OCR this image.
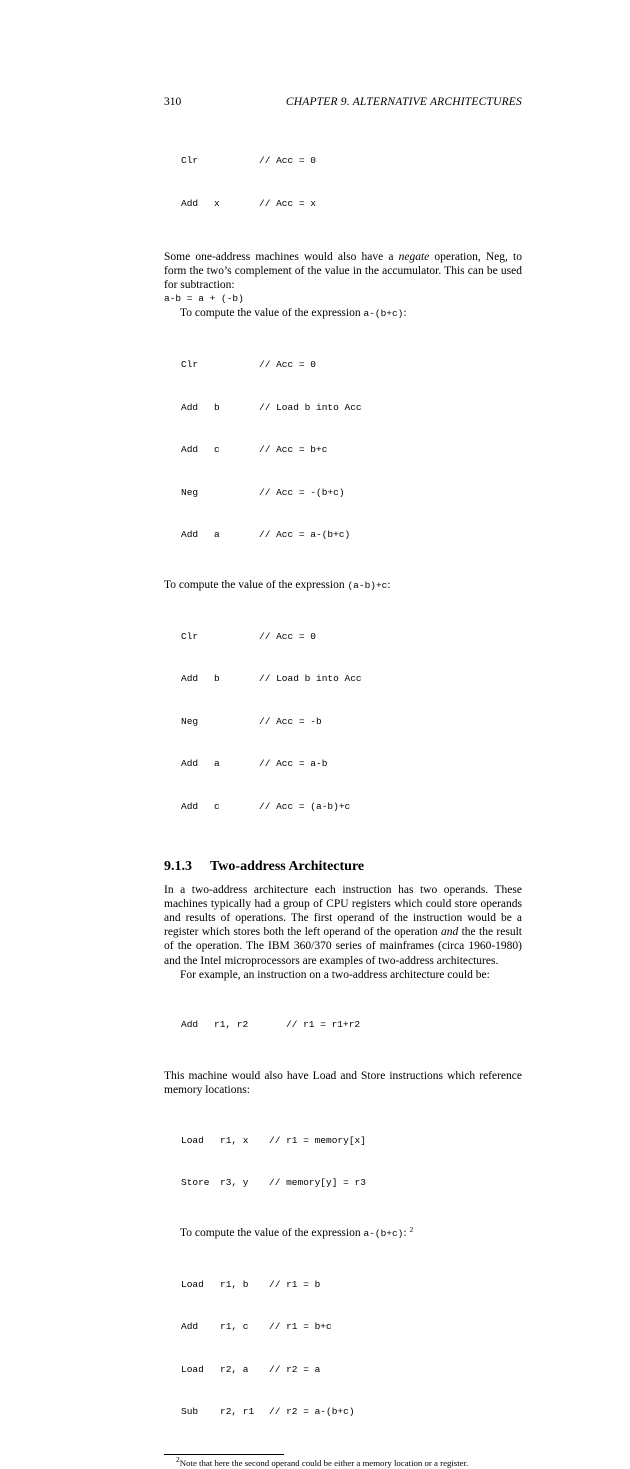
310	CHAPTER 9. ALTERNATIVE ARCHITECTURES

Clr	// Acc = 0

Add x	// Acc = x

Some one-address machines would also have a negate operation, Neg, to form the two’s complement of the value in the accumulator. This can be used for subtraction:
a-b = a + (-b)
To compute the value of the expression a-(b+c):

Clr	// Acc = 0

Add b	// Load b into Acc

Add c	// Acc = b+c

Neg	// Acc = -(b+c)

Add a	// Acc = a-(b+c)

To compute the value of the expression (a-b)+c:

Clr	// Acc = 0

Add b	// Load b into Acc

Neg	// Acc = -b

Add a	// Acc = a-b

Add c	// Acc = (a-b)+c

9.1.3 Two-address Architecture
In a two-address architecture each instruction has two operands. These machines typically had a group of CPU registers which could store operands and results of operations. The first operand of the instruction would be a register which stores both the left operand of the operation and the the result of the operation. The IBM 360/370 series of mainframes (circa 1960-1980) and the Intel microprocessors are examples of two-address architectures.
For example, an instruction on a two-address architecture could be:

Add r1, r2	// r1 = r1+r2

This machine would also have Load and Store instructions which reference memory locations:

Load r1, x // r1 = memory[x]

Store r3, y // memory[y] = r3

To compute the value of the expression a-(b+c): $^2$

Load r1, b // r1 = b

Add r1, c // r1 = b+c

Load r2, a // r2 = a

Sub r2, r1 // r2 = a-(b+c)

$^2$Note that here the second operand could be either a memory location or a register.
